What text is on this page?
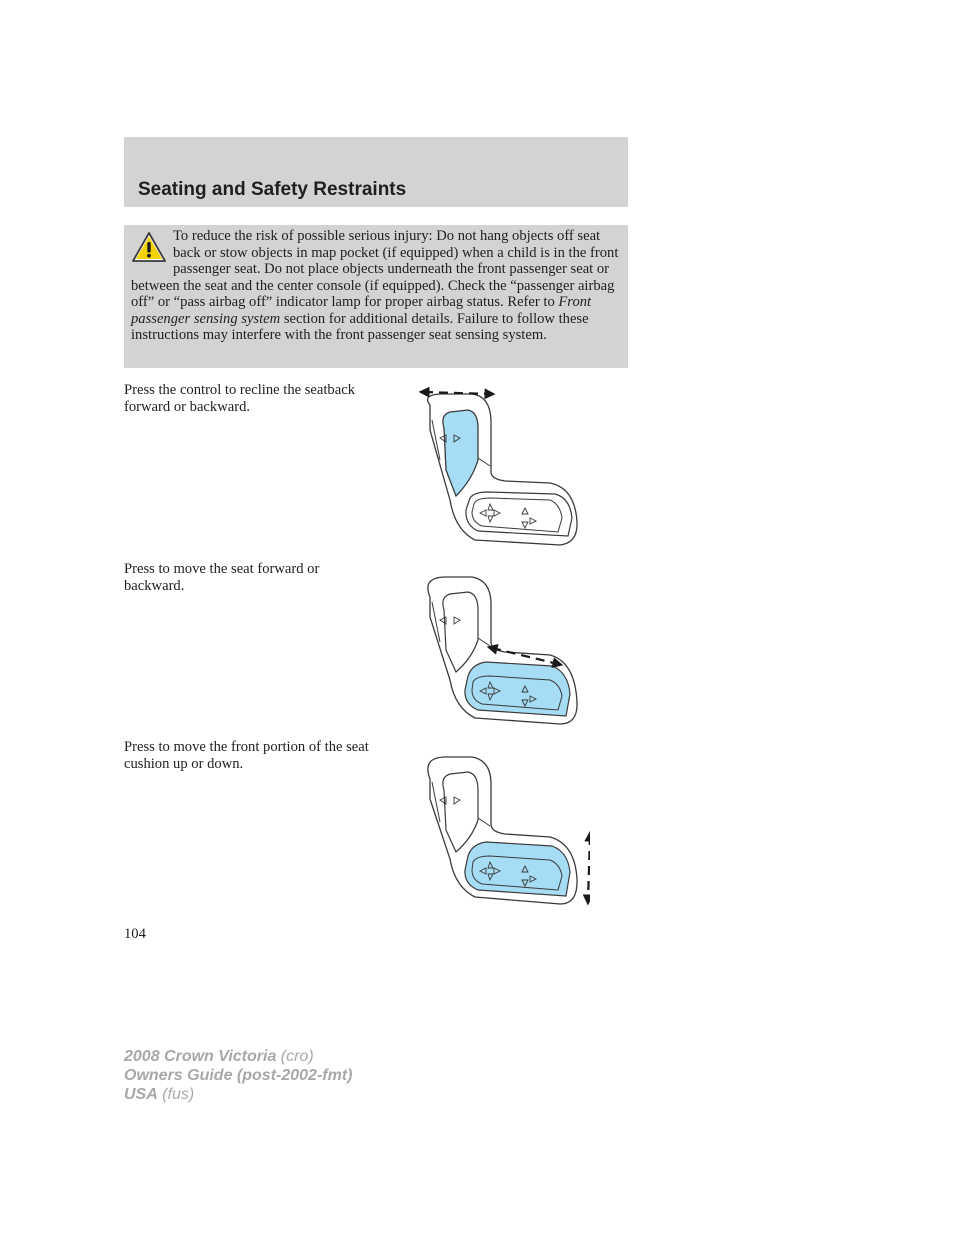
Seating and Safety Restraints
To reduce the risk of possible serious injury: Do not hang objects off seat back or stow objects in map pocket (if equipped) when a child is in the front passenger seat. Do not place objects underneath the front passenger seat or between the seat and the center console (if equipped). Check the “passenger airbag off” or “pass airbag off” indicator lamp for proper airbag status. Refer to Front passenger sensing system section for additional details. Failure to follow these instructions may interfere with the front passenger seat sensing system.
Press the control to recline the seatback forward or backward.
Press to move the seat forward or backward.
Press to move the front portion of the seat cushion up or down.
104
2008 Crown Victoria (cro)
Owners Guide (post-2002-fmt)
USA (fus)
